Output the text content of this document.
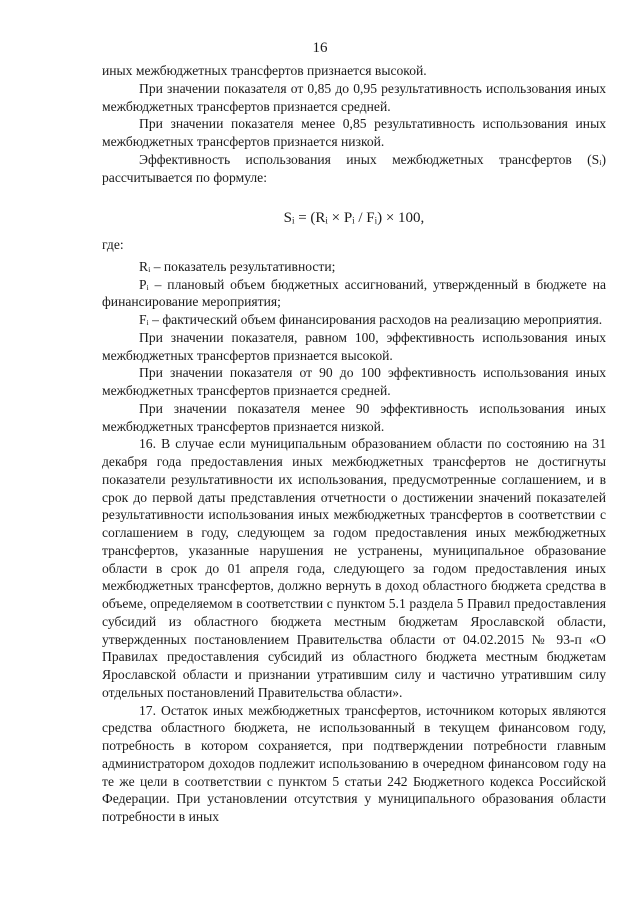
16

иных межбюджетных трансфертов признается высокой.

При значении показателя от 0,85 до 0,95 результативность использования иных межбюджетных трансфертов признается средней.

При значении показателя менее 0,85 результативность использования иных межбюджетных трансфертов признается низкой.

Эффективность использования иных межбюджетных трансфертов (Sᵢ) рассчитывается по формуле:

Sᵢ = (Rᵢ × Pᵢ / Fᵢ) × 100,

где:

Rᵢ – показатель результативности;

Pᵢ – плановый объем бюджетных ассигнований, утвержденный в бюджете на финансирование мероприятия;

Fᵢ – фактический объем финансирования расходов на реализацию мероприятия.

При значении показателя, равном 100, эффективность использования иных межбюджетных трансфертов признается высокой.

При значении показателя от 90 до 100 эффективность использования иных межбюджетных трансфертов признается средней.

При значении показателя менее 90 эффективность использования иных межбюджетных трансфертов признается низкой.

16. В случае если муниципальным образованием области по состоянию на 31 декабря года предоставления иных межбюджетных трансфертов не достигнуты показатели результативности их использования, предусмотренные соглашением, и в срок до первой даты представления отчетности о достижении значений показателей результативности использования иных межбюджетных трансфертов в соответствии с соглашением в году, следующем за годом предоставления иных межбюджетных трансфертов, указанные нарушения не устранены, муниципальное образование области в срок до 01 апреля года, следующего за годом предоставления иных межбюджетных трансфертов, должно вернуть в доход областного бюджета средства в объеме, определяемом в соответствии с пунктом 5.1 раздела 5 Правил предоставления субсидий из областного бюджета местным бюджетам Ярославской области, утвержденных постановлением Правительства области от 04.02.2015 № 93-п «О Правилах предоставления субсидий из областного бюджета местным бюджетам Ярославской области и признании утратившим силу и частично утратившим силу отдельных постановлений Правительства области».

17. Остаток иных межбюджетных трансфертов, источником которых являются средства областного бюджета, не использованный в текущем финансовом году, потребность в котором сохраняется, при подтверждении потребности главным администратором доходов подлежит использованию в очередном финансовом году на те же цели в соответствии с пунктом 5 статьи 242 Бюджетного кодекса Российской Федерации. При установлении отсутствия у муниципального образования области потребности в иных
